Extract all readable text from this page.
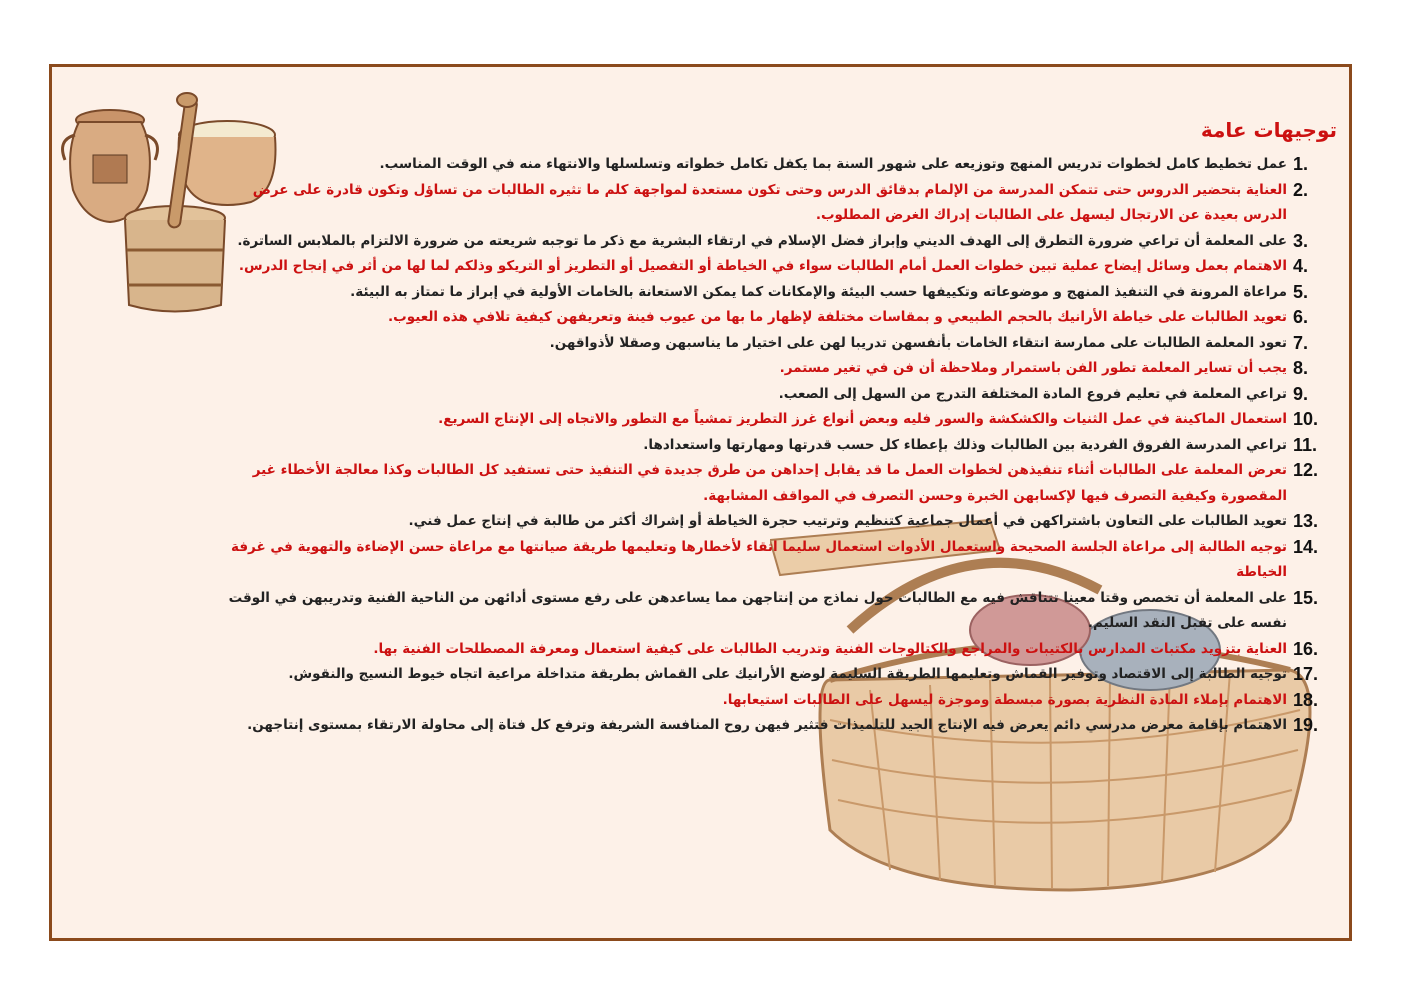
توجيهات عامة
1.
عمل تخطيط كامل لخطوات تدريس المنهج وتوزيعه على شهور السنة بما يكفل تكامل خطواته وتسلسلها والانتهاء منه في الوقت المناسب.
2.
العناية بتحضير الدروس حتى تتمكن المدرسة من الإلمام بدقائق الدرس وحتى تكون مستعدة لمواجهة كلم ما تثيره الطالبات من تساؤل وتكون قادرة على عرض الدرس بعيدة عن الارتجال ليسهل على الطالبات إدراك الغرض المطلوب.
3.
على المعلمة أن تراعي ضرورة التطرق إلى الهدف الديني وإبراز فضل الإسلام في ارتقاء البشرية مع ذكر ما توجبه شريعته من ضرورة الالتزام بالملابس الساترة.
4.
الاهتمام بعمل وسائل إيضاح عملية تبين خطوات العمل أمام الطالبات سواء في الخياطة أو التفصيل أو التطريز أو التريكو وذلكم لما لها من أثر في إنجاح الدرس.
5.
مراعاة المرونة في التنفيذ المنهج و موضوعاته وتكييفها حسب البيئة والإمكانات كما يمكن الاستعانة بالخامات الأولية في إبراز ما تمتاز به البيئة.
6.
تعويد الطالبات على خياطة الأرانيك بالحجم الطبيعي و بمقاسات مختلفة لإظهار ما بها من عيوب فينة وتعريفهن كيفية تلافي هذه العيوب.
7.
تعود المعلمة الطالبات على ممارسة انتقاء الخامات بأنفسهن تدريبا لهن على اختيار ما يناسبهن وصقلا لأذواقهن.
8.
يجب أن تساير المعلمة تطور الفن باستمرار وملاحظة أن فن في تغير مستمر.
9.
تراعي المعلمة في تعليم فروع المادة المختلفة التدرج من السهل إلى الصعب.
10.
استعمال الماكينة في عمل الثنيات والكشكشة والسور فليه وبعض أنواع غرز التطريز تمشياً مع التطور والاتجاه إلى الإنتاج السريع.
11.
تراعي المدرسة الفروق الفردية بين الطالبات وذلك بإعطاء كل حسب قدرتها ومهارتها واستعدادها.
12.
تعرض المعلمة على الطالبات أثناء تنفيذهن لخطوات العمل ما قد يقابل إحداهن من طرق جديدة في التنفيذ حتى تستفيد كل الطالبات وكذا معالجة الأخطاء غير المقصورة وكيفية التصرف فيها لإكسابهن الخبرة وحسن التصرف في المواقف المشابهة.
13.
تعويد الطالبات على التعاون باشتراكهن في أعمال جماعية كتنظيم وترتيب حجرة الخياطة أو إشراك أكثر من طالبة في إنتاج عمل فني.
14.
توجيه الطالبة إلى مراعاة الجلسة الصحيحة واستعمال الأدوات استعمال سليما اتقاء لأخطارها وتعليمها طريقة صيانتها مع مراعاة حسن الإضاءة والتهوية في غرفة الخياطة
15.
على المعلمة أن تخصص وقتا معينا تتناقش فيه مع الطالبات حول نماذج من إنتاجهن مما يساعدهن على رفع مستوى أدائهن من الناحية الفنية وتدريبهن في الوقت نفسه على تقبل النقد السليم.
16.
العناية بتزويد مكتبات المدارس بالكتيبات والمراجع والكتالوجات الفنية وتدريب الطالبات على كيفية استعمال ومعرفة المصطلحات الفنية بها.
17.
توجيه الطالبة إلى الاقتصاد وتوفير القماش وتعليمها الطريقة السليمة لوضع الأرانيك على القماش بطريقة متداخلة مراعية اتجاه خيوط النسيج والنقوش.
18.
الاهتمام بإملاء المادة النظرية بصورة مبسطة وموجزة ليسهل على الطالبات استيعابها.
19.
الاهتمام بإقامة معرض مدرسي دائم يعرض فيه الإنتاج الجيد للتلميذات فتثير فيهن روح المنافسة الشريفة وترفع كل فتاة إلى محاولة الارتقاء بمستوى إنتاجهن.
